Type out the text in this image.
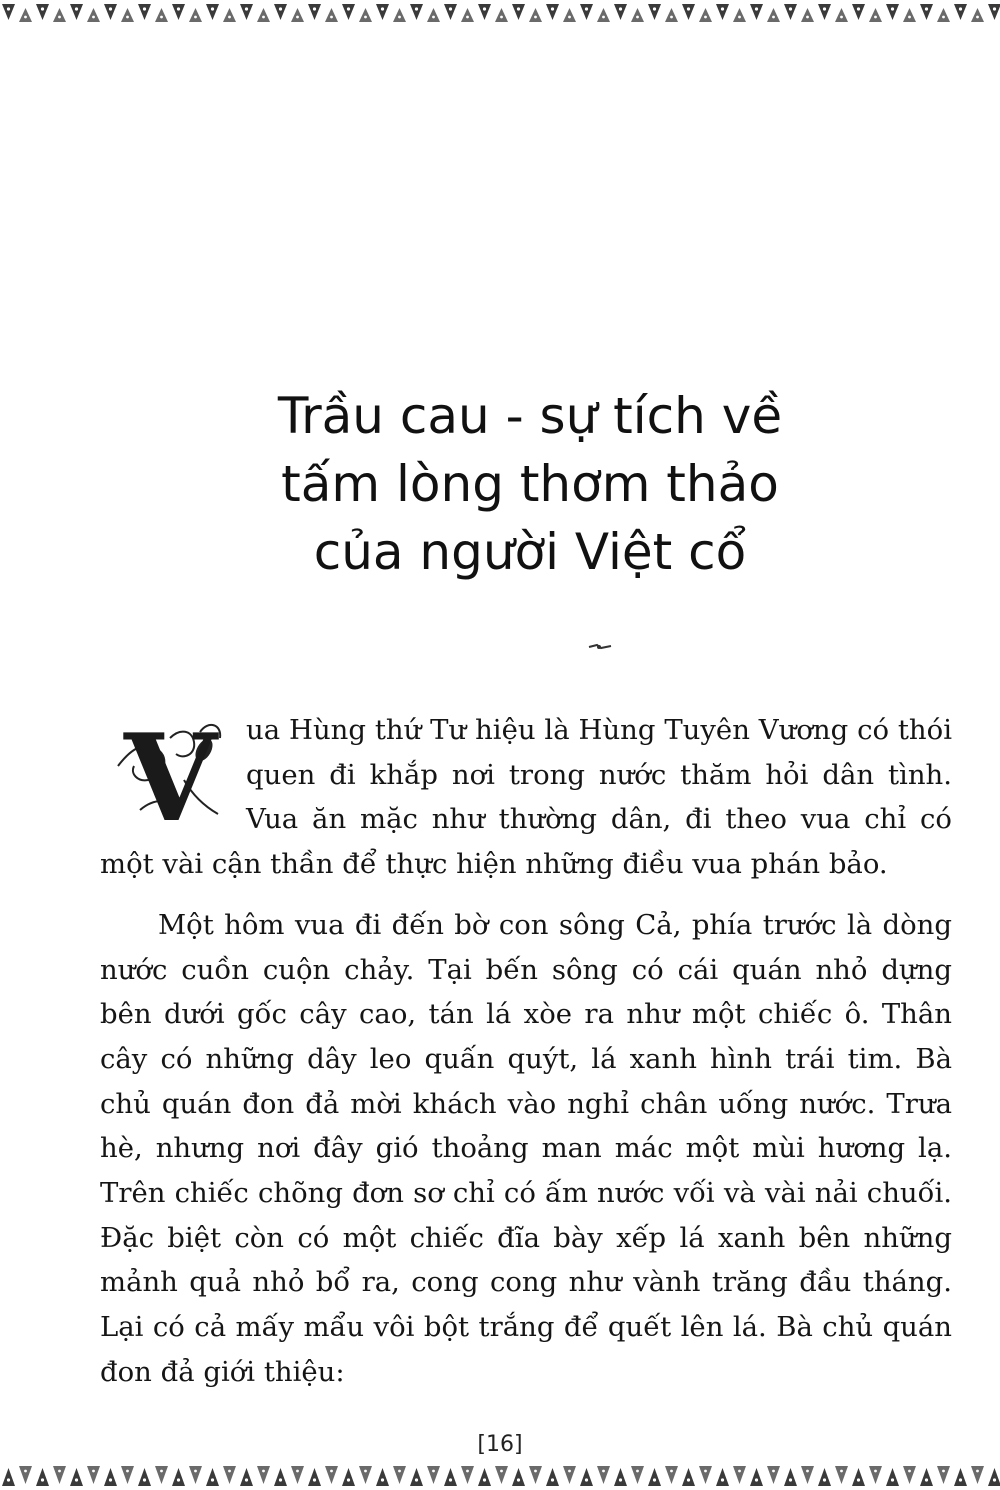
Trầu cau - sự tích về
tấm lòng thơm thảo
của người Việt cổ
V	ua Hùng thứ Tư hiệu là Hùng Tuyên Vương có thói
quen đi khắp nơi trong nước thăm hỏi dân tình.
Vua ăn mặc như thường dân, đi theo vua chỉ có
một vài cận thần để thực hiện những điều vua phán bảo.
Một hôm vua đi đến bờ con sông Cả, phía trước là dòng
nước cuồn cuộn chảy. Tại bến sông có cái quán nhỏ dựng
bên dưới gốc cây cao, tán lá xòe ra như một chiếc ô. Thân
cây có những dây leo quấn quýt, lá xanh hình trái tim. Bà
chủ quán đon đả mời khách vào nghỉ chân uống nước. Trưa
hè, nhưng nơi đây gió thoảng man mác một mùi hương lạ.
Trên chiếc chõng đơn sơ chỉ có ấm nước vối và vài nải chuối.
Đặc biệt còn có một chiếc đĩa bày xếp lá xanh bên những
mảnh quả nhỏ bổ ra, cong cong như vành trăng đầu tháng.
Lại có cả mấy mẩu vôi bột trắng để quết lên lá. Bà chủ quán
đon đả giới thiệu:
[16]
